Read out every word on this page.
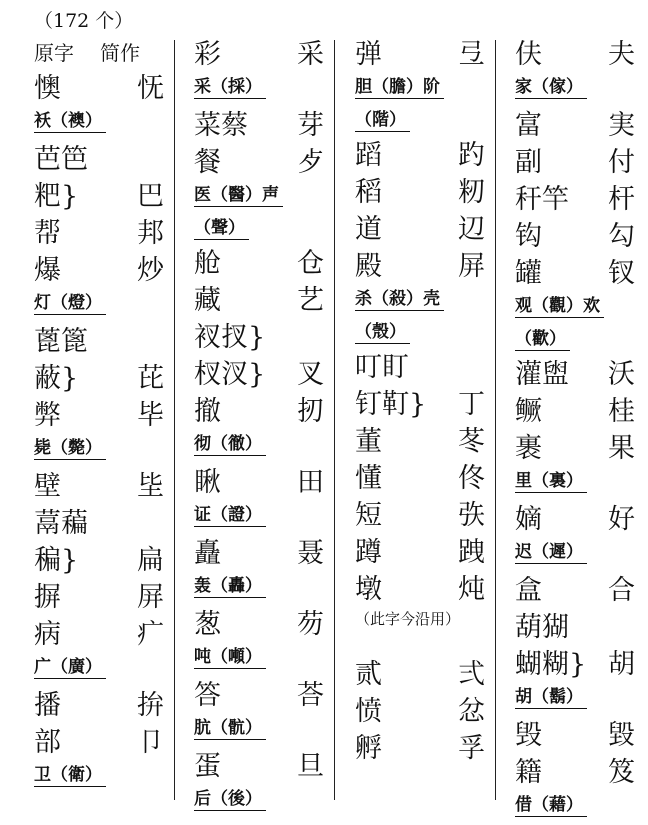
（172 个）
原字 简作
懊	怃
袄（襖）
芭笆
粑} 巴
帮	邦
爆	炒
灯（燈）
蓖篦
蔽} 芘
弊	毕
毙（斃）
壁	坒
蒚藊
稨} 扁
摒	屏
病	疒
广（廣）
播	拚
部	卩
卫（衛）
彩	采
采（採）
菜蔡 芽
餐	歺
医（醫）声
（聲）
舱	仓
藏	艺
衩扠}
杈汊} 叉
撤	扨
彻（徹）
瞅	田
证（證）
矗	聂
轰（轟）
葱	芴
吨（噸）
答	荅
肮（骯）
蛋	旦
后（後）
弹	弖
胆（膽）阶
（階）
蹈	趵
稻	籾
道	辺
殿	屏
杀（殺）壳
（殼）
叮盯
钉靪} 丁
董	苳
懂	佟
短	矤
蹲	跩
墩	炖
（此字今沿用）
贰	弍
愤	忿
孵	孚
伕 夫
家（傢）
富 実
副 付
秆竿 杆
钩 勾
罐 钗
观（觀）欢
（歡）
灌盥 沃
鳜 桂
裹 果
里（裏）
嫡 好
迟（遲）
盒 合
葫猢
蝴糊} 胡
胡（鬍）
毁 毀
籍 笈
借（藉）
